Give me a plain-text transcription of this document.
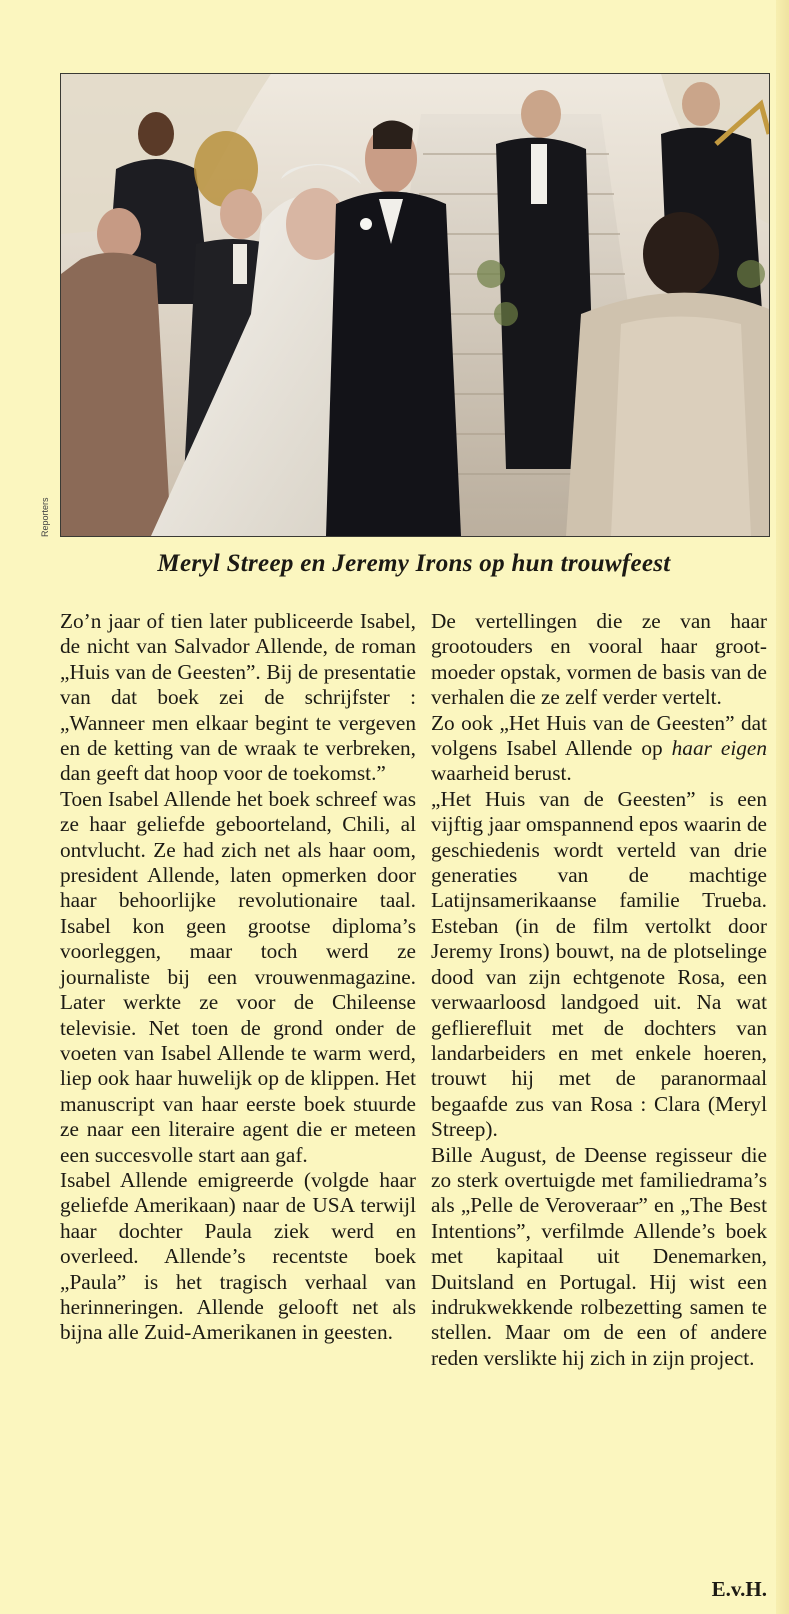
Reporters
Meryl Streep en Jeremy Irons op hun trouwfeest

Zo’n jaar of tien later publiceerde Isabel, de nicht van Salvador Allende, de roman „Huis van de Geesten”. Bij de presentatie van dat boek zei de schrijfster : „Wanneer men elkaar begint te vergeven en de ketting van de wraak te verbreken, dan geeft dat hoop voor de toekomst.”

Toen Isabel Allende het boek schreef was ze haar geliefde geboorteland, Chili, al ontvlucht. Ze had zich net als haar oom, president Allende, laten opmerken door haar behoorlijke revolutionaire taal. Isabel kon geen grootse diploma’s voorleggen, maar toch werd ze journaliste bij een vrouwenmagazine. Later werkte ze voor de Chileense televisie. Net toen de grond onder de voeten van Isabel Allende te warm werd, liep ook haar huwelijk op de klippen. Het manuscript van haar eerste boek stuurde ze naar een literaire agent die er meteen een succesvolle start aan gaf.

Isabel Allende emigreerde (volgde haar geliefde Amerikaan) naar de USA terwijl haar dochter Paula ziek werd en overleed. Allende’s recentste boek „Paula” is het tragisch verhaal van herinneringen. Allende gelooft net als bijna alle Zuid-Amerikanen in geesten.

De vertellingen die ze van haar grootouders en vooral haar grootmoeder opstak, vormen de basis van de verhalen die ze zelf verder vertelt.

Zo ook „Het Huis van de Geesten” dat volgens Isabel Allende op haar eigen waarheid berust.

„Het Huis van de Geesten” is een vijftig jaar omspannend epos waarin de geschiedenis wordt verteld van drie generaties van de machtige Latijnsamerikaanse familie Trueba. Esteban (in de film vertolkt door Jeremy Irons) bouwt, na de plotselinge dood van zijn echtgenote Rosa, een verwaarloosd landgoed uit. Na wat geflierefluit met de dochters van landarbeiders en met enkele hoeren, trouwt hij met de paranormaal begaafde zus van Rosa : Clara (Meryl Streep).

Bille August, de Deense regisseur die zo sterk overtuigde met familiedrama’s als „Pelle de Veroveraar” en „The Best Intentions”, verfilmde Allende’s boek met kapitaal uit Denemarken, Duitsland en Portugal. Hij wist een indrukwekkende rolbezetting samen te stellen. Maar om de een of andere reden verslikte hij zich in zijn project.

E.v.H.
